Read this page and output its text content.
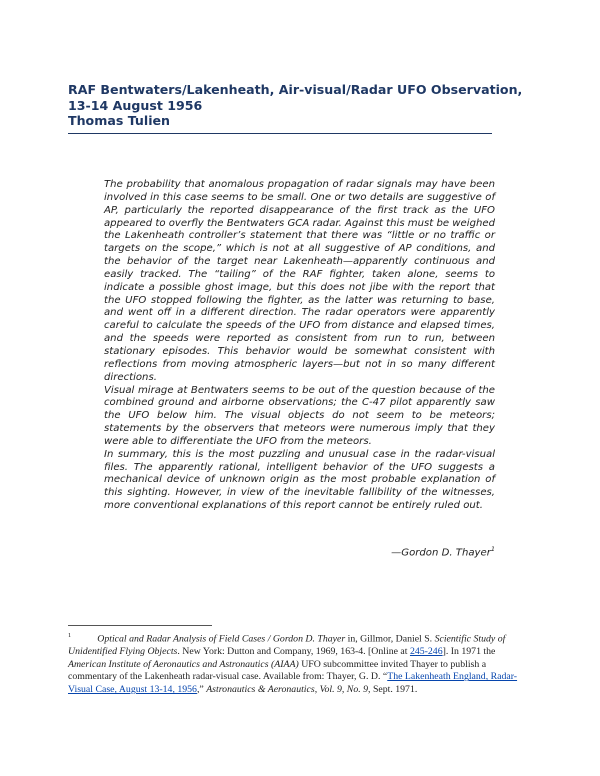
RAF Bentwaters/Lakenheath, Air-visual/Radar UFO Observation,
13-14 August 1956
Thomas Tulien

The probability that anomalous propagation of radar signals may have been involved in this case seems to be small. One or two details are suggestive of AP, particularly the reported disappearance of the first track as the UFO appeared to overfly the Bentwaters GCA radar. Against this must be weighed the Lakenheath controller’s statement that there was “little or no traffic or targets on the scope,” which is not at all suggestive of AP conditions, and the behavior of the target near Lakenheath—apparently continuous and easily tracked. The “tailing” of the RAF fighter, taken alone, seems to indicate a possible ghost image, but this does not jibe with the report that the UFO stopped following the fighter, as the latter was returning to base, and went off in a different direction. The radar operators were apparently careful to calculate the speeds of the UFO from distance and elapsed times, and the speeds were reported as consistent from run to run, between stationary episodes. This behavior would be somewhat consistent with reflections from moving atmospheric layers—but not in so many different directions.

Visual mirage at Bentwaters seems to be out of the question because of the combined ground and airborne observations; the C-47 pilot apparently saw the UFO below him. The visual objects do not seem to be meteors; statements by the observers that meteors were numerous imply that they were able to differentiate the UFO from the meteors.

In summary, this is the most puzzling and unusual case in the radar-visual files. The apparently rational, intelligent behavior of the UFO suggests a mechanical device of unknown origin as the most probable explanation of this sighting. However, in view of the inevitable fallibility of the witnesses, more conventional explanations of this report cannot be entirely ruled out.

—Gordon D. Thayer$^1$

$^1$	Optical and Radar Analysis of Field Cases / Gordon D. Thayer in, Gillmor, Daniel S. Scientific Study of Unidentified Flying Objects. New York: Dutton and Company, 1969, 163-4. [Online at 245-246]. In 1971 the American Institute of Aeronautics and Astronautics (AIAA) UFO subcommittee invited Thayer to publish a commentary of the Lakenheath radar-visual case. Available from: Thayer, G. D. “The Lakenheath England, Radar-Visual Case, August 13-14, 1956,” Astronautics & Aeronautics, Vol. 9, No. 9, Sept. 1971.
